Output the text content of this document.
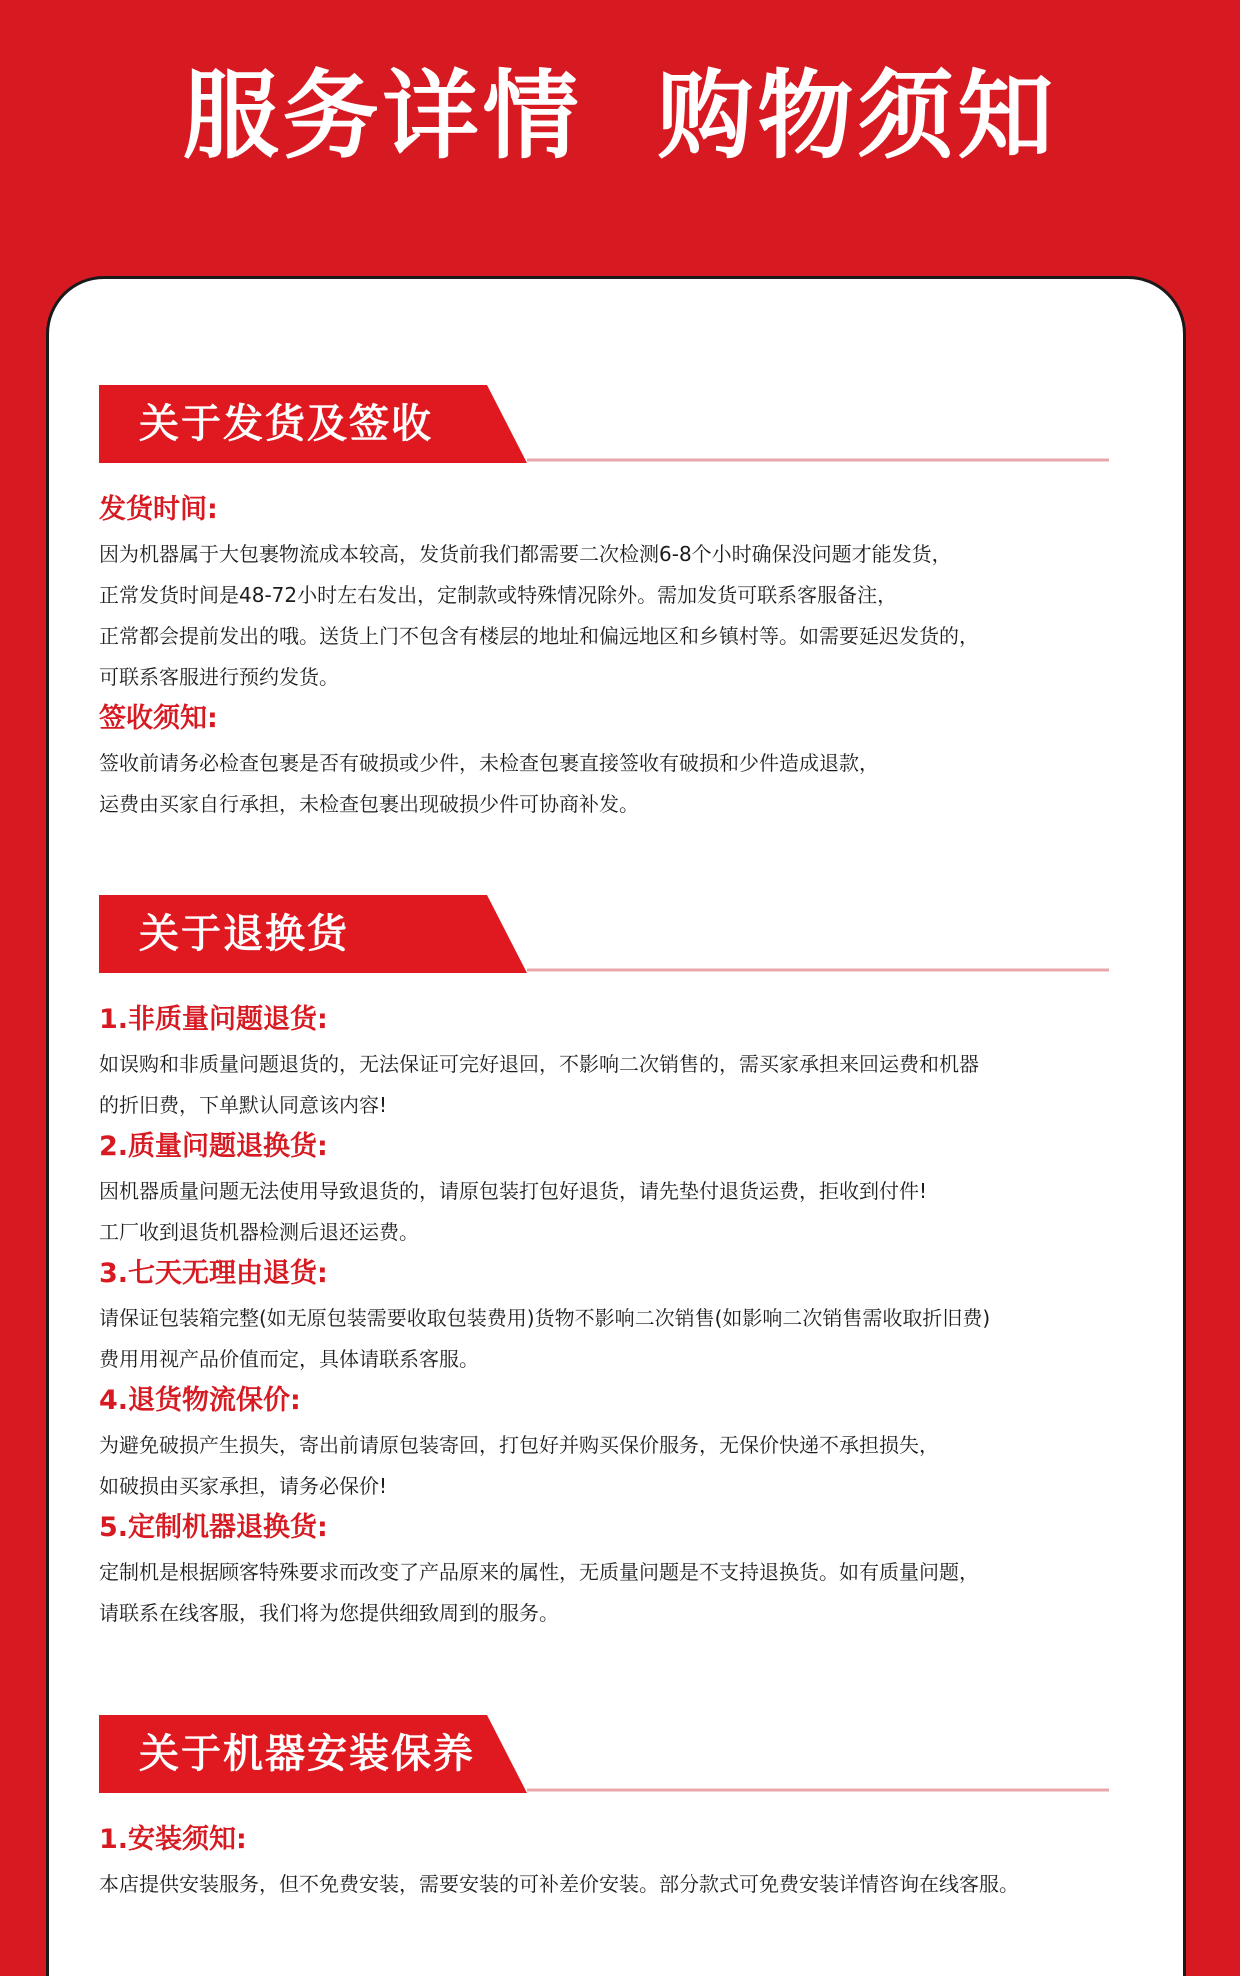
服务详情  购物须知
关于发货及签收
发货时间:
因为机器属于大包裹物流成本较高，发货前我们都需要二次检测6-8个小时确保没问题才能发货，
正常发货时间是48-72小时左右发出，定制款或特殊情况除外。需加发货可联系客服备注，
正常都会提前发出的哦。送货上门不包含有楼层的地址和偏远地区和乡镇村等。如需要延迟发货的，
可联系客服进行预约发货。
签收须知:
签收前请务必检查包裹是否有破损或少件，未检查包裹直接签收有破损和少件造成退款，
运费由买家自行承担，未检查包裹出现破损少件可协商补发。
关于退换货
1.非质量问题退货:
如误购和非质量问题退货的，无法保证可完好退回，不影响二次销售的，需买家承担来回运费和机器
的折旧费，下单默认同意该内容!
2.质量问题退换货:
因机器质量问题无法使用导致退货的，请原包装打包好退货，请先垫付退货运费，拒收到付件!
工厂收到退货机器检测后退还运费。
3.七天无理由退货:
请保证包装箱完整(如无原包装需要收取包装费用)货物不影响二次销售(如影响二次销售需收取折旧费)
费用用视产品价值而定，具体请联系客服。
4.退货物流保价:
为避免破损产生损失，寄出前请原包装寄回，打包好并购买保价服务，无保价快递不承担损失，
如破损由买家承担，请务必保价!
5.定制机器退换货:
定制机是根据顾客特殊要求而改变了产品原来的属性，无质量问题是不支持退换货。如有质量问题，
请联系在线客服，我们将为您提供细致周到的服务。
关于机器安装保养
1.安装须知:
本店提供安装服务，但不免费安装，需要安装的可补差价安装。部分款式可免费安装详情咨询在线客服。
